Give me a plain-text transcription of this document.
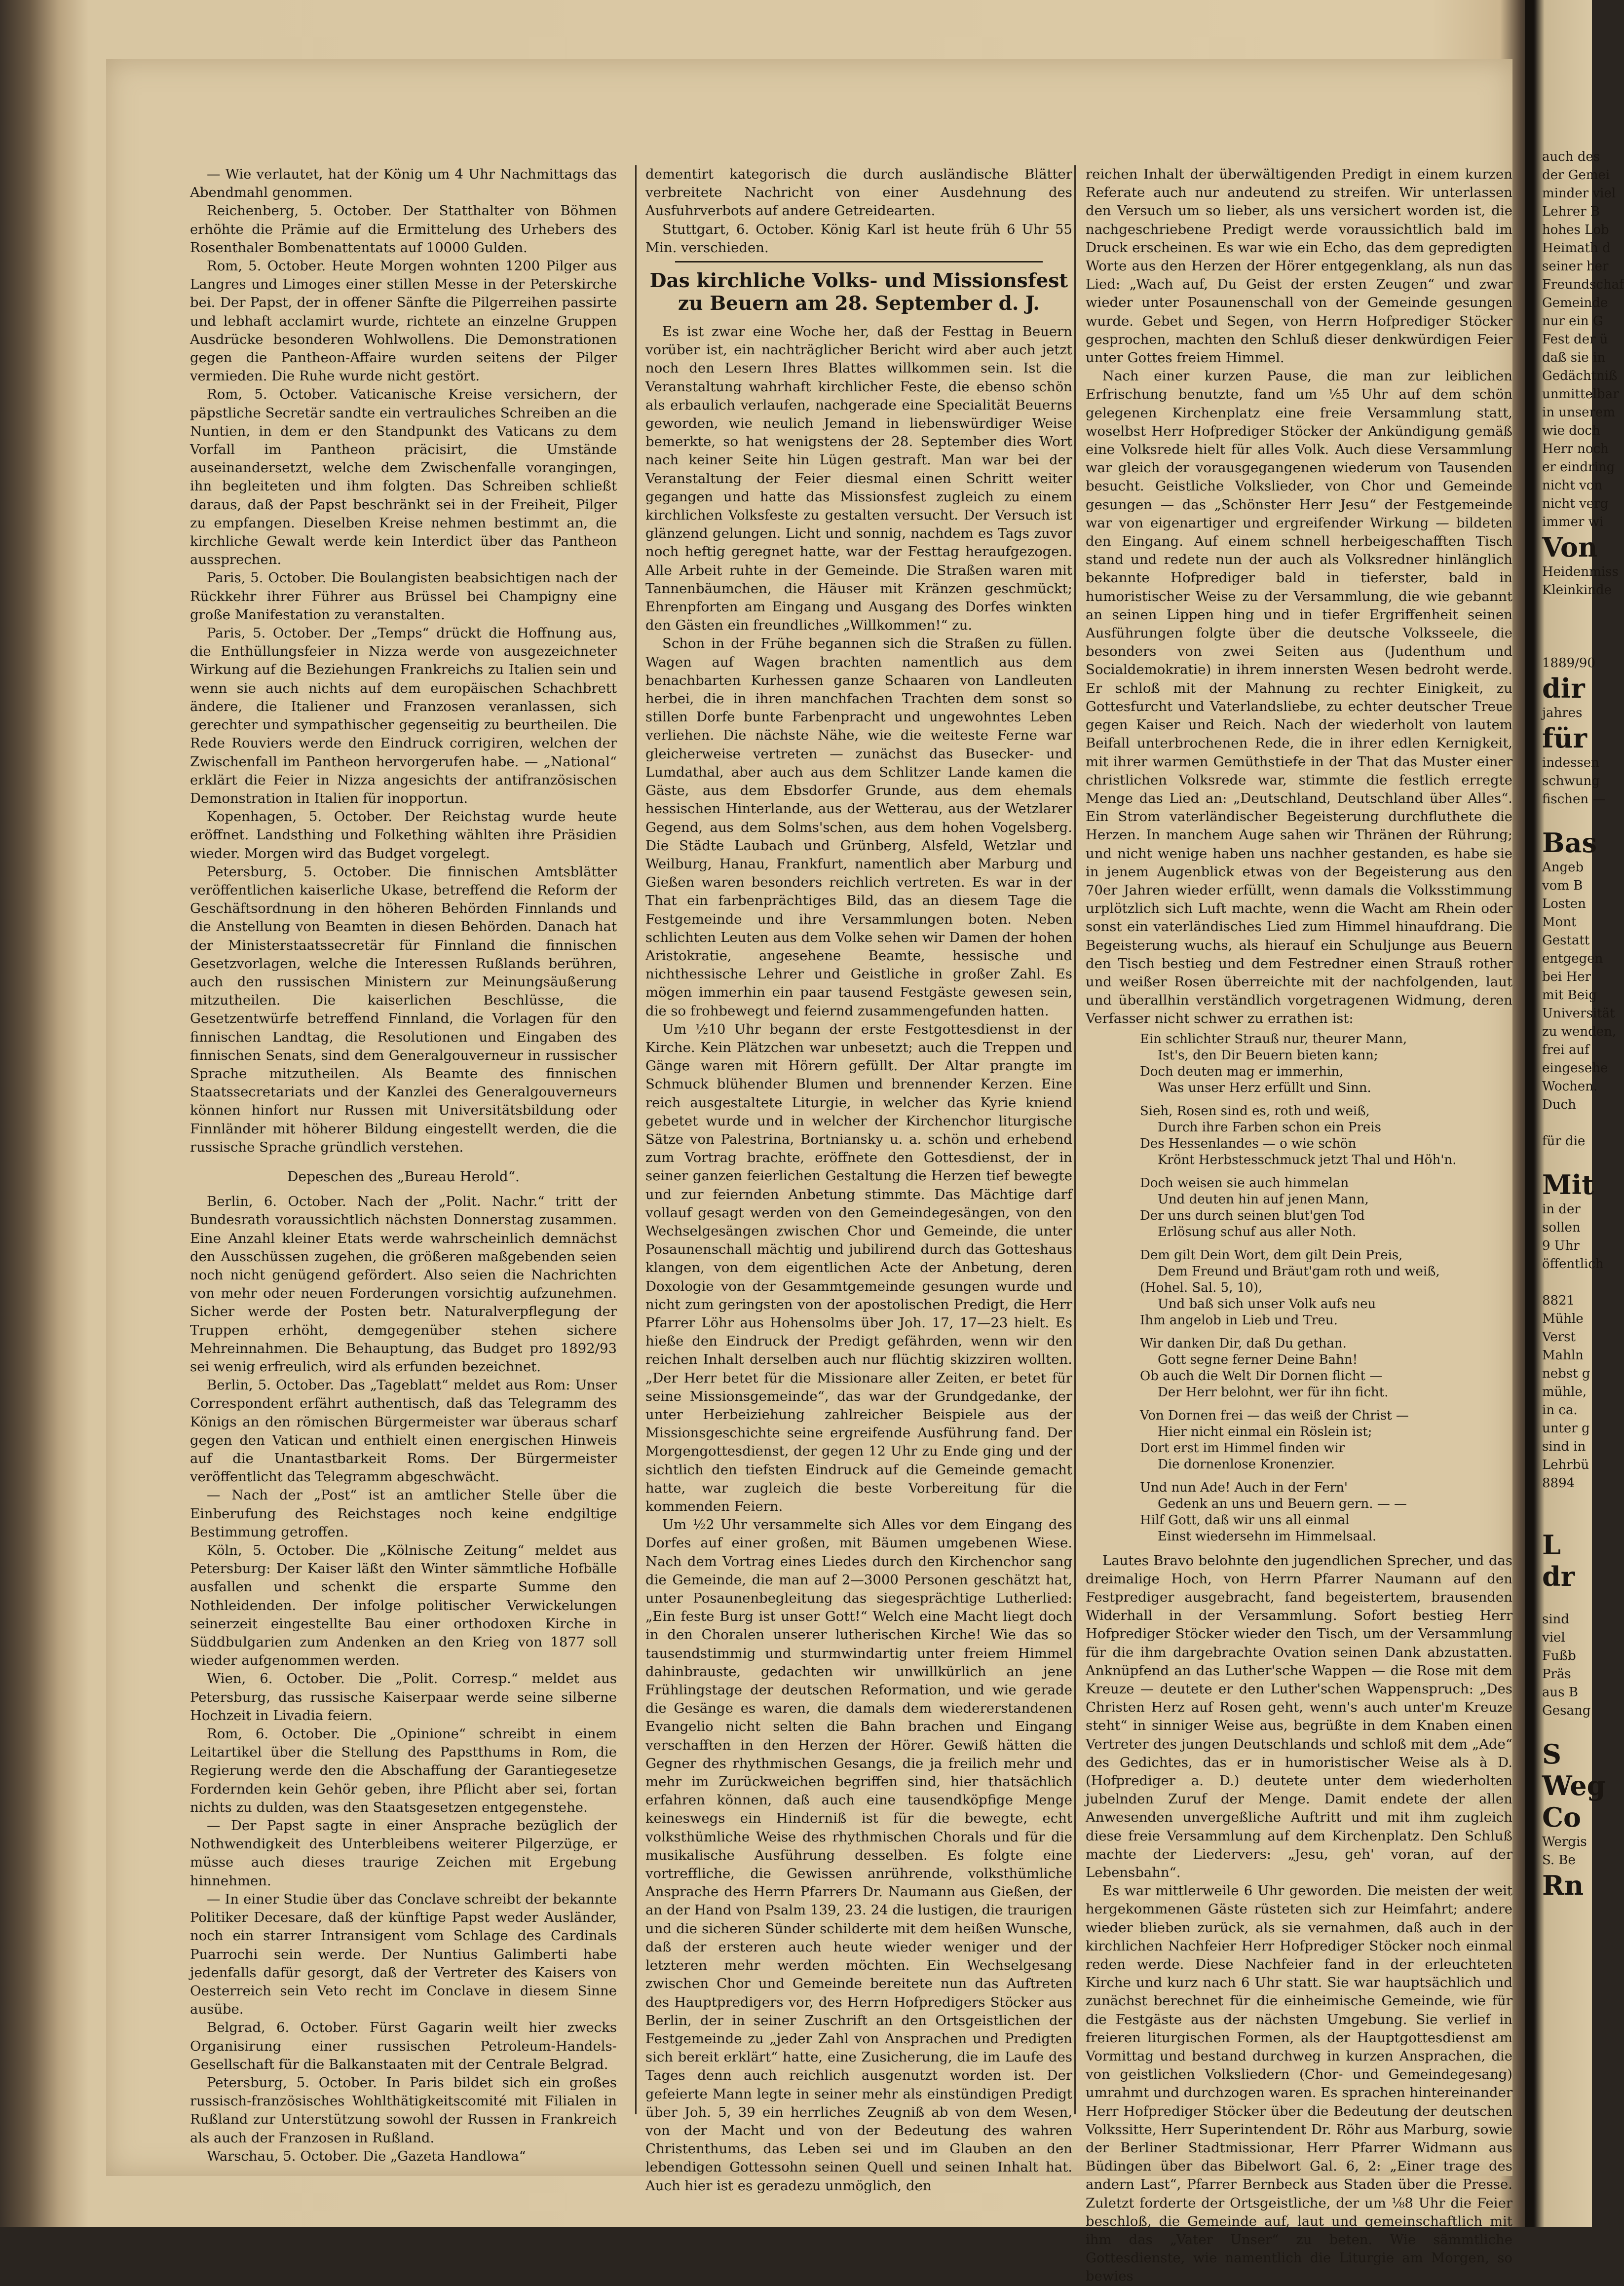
— Wie verlautet, hat der König um 4 Uhr Nachmittags das Abendmahl genommen.

Reichenberg, 5. October. Der Statthalter von Böhmen erhöhte die Prämie auf die Ermittelung des Urhebers des Rosenthaler Bombenattentats auf 10000 Gulden.

Rom, 5. October. Heute Morgen wohnten 1200 Pilger aus Langres und Limoges einer stillen Messe in der Peterskirche bei. Der Papst, der in offener Sänfte die Pilgerreihen passirte und lebhaft acclamirt wurde, richtete an einzelne Gruppen Ausdrücke besonderen Wohlwollens. Die Demonstrationen gegen die Pantheon-Affaire wurden seitens der Pilger vermieden. Die Ruhe wurde nicht gestört.

Rom, 5. October. Vaticanische Kreise versichern, der päpstliche Secretär sandte ein vertrauliches Schreiben an die Nuntien, in dem er den Standpunkt des Vaticans zu dem Vorfall im Pantheon präcisirt, die Umstände auseinandersetzt, welche dem Zwischenfalle vorangingen, ihn begleiteten und ihm folgten. Das Schreiben schließt daraus, daß der Papst beschränkt sei in der Freiheit, Pilger zu empfangen. Dieselben Kreise nehmen bestimmt an, die kirchliche Gewalt werde kein Interdict über das Pantheon aussprechen.

Paris, 5. October. Die Boulangisten beabsichtigen nach der Rückkehr ihrer Führer aus Brüssel bei Champigny eine große Manifestation zu veranstalten.

Paris, 5. October. Der „Temps“ drückt die Hoffnung aus, die Enthüllungsfeier in Nizza werde von ausgezeichneter Wirkung auf die Beziehungen Frankreichs zu Italien sein und wenn sie auch nichts auf dem europäischen Schachbrett ändere, die Italiener und Franzosen veranlassen, sich gerechter und sympathischer gegenseitig zu beurtheilen. Die Rede Rouviers werde den Eindruck corrigiren, welchen der Zwischenfall im Pantheon hervorgerufen habe. — „National“ erklärt die Feier in Nizza angesichts der antifranzösischen Demonstration in Italien für inopportun.

Kopenhagen, 5. October. Der Reichstag wurde heute eröffnet. Landsthing und Folkething wählten ihre Präsidien wieder. Morgen wird das Budget vorgelegt.

Petersburg, 5. October. Die finnischen Amtsblätter veröffentlichen kaiserliche Ukase, betreffend die Reform der Geschäftsordnung in den höheren Behörden Finnlands und die Anstellung von Beamten in diesen Behörden. Danach hat der Ministerstaatssecretär für Finnland die finnischen Gesetzvorlagen, welche die Interessen Rußlands berühren, auch den russischen Ministern zur Meinungsäußerung mitzutheilen. Die kaiserlichen Beschlüsse, die Gesetzentwürfe betreffend Finnland, die Vorlagen für den finnischen Landtag, die Resolutionen und Eingaben des finnischen Senats, sind dem Generalgouverneur in russischer Sprache mitzutheilen. Als Beamte des finnischen Staatssecretariats und der Kanzlei des Generalgouverneurs können hinfort nur Russen mit Universitätsbildung oder Finnländer mit höherer Bildung eingestellt werden, die die russische Sprache gründlich verstehen.

Depeschen des „Bureau Herold“.

Berlin, 6. October. Nach der „Polit. Nachr.“ tritt der Bundesrath voraussichtlich nächsten Donnerstag zusammen. Eine Anzahl kleiner Etats werde wahrscheinlich demnächst den Ausschüssen zugehen, die größeren maßgebenden seien noch nicht genügend gefördert. Also seien die Nachrichten von mehr oder neuen Forderungen vorsichtig aufzunehmen. Sicher werde der Posten betr. Naturalverpflegung der Truppen erhöht, demgegenüber stehen sichere Mehreinnahmen. Die Behauptung, das Budget pro 1892/93 sei wenig erfreulich, wird als erfunden bezeichnet.

Berlin, 5. October. Das „Tageblatt“ meldet aus Rom: Unser Correspondent erfährt authentisch, daß das Telegramm des Königs an den römischen Bürgermeister war überaus scharf gegen den Vatican und enthielt einen energischen Hinweis auf die Unantastbarkeit Roms. Der Bürgermeister veröffentlicht das Telegramm abgeschwächt.

— Nach der „Post“ ist an amtlicher Stelle über die Einberufung des Reichstages noch keine endgiltige Bestimmung getroffen.

Köln, 5. October. Die „Kölnische Zeitung“ meldet aus Petersburg: Der Kaiser läßt den Winter sämmtliche Hofbälle ausfallen und schenkt die ersparte Summe den Nothleidenden. Der infolge politischer Verwickelungen seinerzeit eingestellte Bau einer orthodoxen Kirche in Süddbulgarien zum Andenken an den Krieg von 1877 soll wieder aufgenommen werden.

Wien, 6. October. Die „Polit. Corresp.“ meldet aus Petersburg, das russische Kaiserpaar werde seine silberne Hochzeit in Livadia feiern.

Rom, 6. October. Die „Opinione“ schreibt in einem Leitartikel über die Stellung des Papstthums in Rom, die Regierung werde den die Abschaffung der Garantiegesetze Fordernden kein Gehör geben, ihre Pflicht aber sei, fortan nichts zu dulden, was den Staatsgesetzen entgegenstehe.

— Der Papst sagte in einer Ansprache bezüglich der Nothwendigkeit des Unterbleibens weiterer Pilgerzüge, er müsse auch dieses traurige Zeichen mit Ergebung hinnehmen.

— In einer Studie über das Conclave schreibt der bekannte Politiker Decesare, daß der künftige Papst weder Ausländer, noch ein starrer Intransigent vom Schlage des Cardinals Puarrochi sein werde. Der Nuntius Galimberti habe jedenfalls dafür gesorgt, daß der Vertreter des Kaisers von Oesterreich sein Veto recht im Conclave in diesem Sinne ausübe.

Belgrad, 6. October. Fürst Gagarin weilt hier zwecks Organisirung einer russischen Petroleum-Handels-Gesellschaft für die Balkanstaaten mit der Centrale Belgrad.

Petersburg, 5. October. In Paris bildet sich ein großes russisch-französisches Wohlthätigkeitscomité mit Filialen in Rußland zur Unterstützung sowohl der Russen in Frankreich als auch der Franzosen in Rußland.

Warschau, 5. October. Die „Gazeta Handlowa“

dementirt kategorisch die durch ausländische Blätter verbreitete Nachricht von einer Ausdehnung des Ausfuhrverbots auf andere Getreidearten.

Stuttgart, 6. October. König Karl ist heute früh 6 Uhr 55 Min. verschieden.

Das kirchliche Volks- und Missionsfest zu Beuern am 28. September d. J.

Es ist zwar eine Woche her, daß der Festtag in Beuern vorüber ist, ein nachträglicher Bericht wird aber auch jetzt noch den Lesern Ihres Blattes willkommen sein. Ist die Veranstaltung wahrhaft kirchlicher Feste, die ebenso schön als erbaulich verlaufen, nachgerade eine Specialität Beuerns geworden, wie neulich Jemand in liebenswürdiger Weise bemerkte, so hat wenigstens der 28. September dies Wort nach keiner Seite hin Lügen gestraft. Man war bei der Veranstaltung der Feier diesmal einen Schritt weiter gegangen und hatte das Missionsfest zugleich zu einem kirchlichen Volksfeste zu gestalten versucht. Der Versuch ist glänzend gelungen. Licht und sonnig, nachdem es Tags zuvor noch heftig geregnet hatte, war der Festtag heraufgezogen. Alle Arbeit ruhte in der Gemeinde. Die Straßen waren mit Tannenbäumchen, die Häuser mit Kränzen geschmückt; Ehrenpforten am Eingang und Ausgang des Dorfes winkten den Gästen ein freundliches „Willkommen!“ zu.

Schon in der Frühe begannen sich die Straßen zu füllen. Wagen auf Wagen brachten namentlich aus dem benachbarten Kurhessen ganze Schaaren von Landleuten herbei, die in ihren manchfachen Trachten dem sonst so stillen Dorfe bunte Farbenpracht und ungewohntes Leben verliehen. Die nächste Nähe, wie die weiteste Ferne war gleicherweise vertreten — zunächst das Busecker- und Lumdathal, aber auch aus dem Schlitzer Lande kamen die Gäste, aus dem Ebsdorfer Grunde, aus dem ehemals hessischen Hinterlande, aus der Wetterau, aus der Wetzlarer Gegend, aus dem Solms'schen, aus dem hohen Vogelsberg. Die Städte Laubach und Grünberg, Alsfeld, Wetzlar und Weilburg, Hanau, Frankfurt, namentlich aber Marburg und Gießen waren besonders reichlich vertreten. Es war in der That ein farbenprächtiges Bild, das an diesem Tage die Festgemeinde und ihre Versammlungen boten. Neben schlichten Leuten aus dem Volke sehen wir Damen der hohen Aristokratie, angesehene Beamte, hessische und nichthessische Lehrer und Geistliche in großer Zahl. Es mögen immerhin ein paar tausend Festgäste gewesen sein, die so frohbewegt und feiernd zusammengefunden hatten.

Um ½10 Uhr begann der erste Festgottesdienst in der Kirche. Kein Plätzchen war unbesetzt; auch die Treppen und Gänge waren mit Hörern gefüllt. Der Altar prangte im Schmuck blühender Blumen und brennender Kerzen. Eine reich ausgestaltete Liturgie, in welcher das Kyrie kniend gebetet wurde und in welcher der Kirchenchor liturgische Sätze von Palestrina, Bortniansky u. a. schön und erhebend zum Vortrag brachte, eröffnete den Gottesdienst, der in seiner ganzen feierlichen Gestaltung die Herzen tief bewegte und zur feiernden Anbetung stimmte. Das Mächtige darf vollauf gesagt werden von den Gemeindegesängen, von den Wechselgesängen zwischen Chor und Gemeinde, die unter Posaunenschall mächtig und jubilirend durch das Gotteshaus klangen, von dem eigentlichen Acte der Anbetung, deren Doxologie von der Gesammtgemeinde gesungen wurde und nicht zum geringsten von der apostolischen Predigt, die Herr Pfarrer Löhr aus Hohensolms über Joh. 17, 17—23 hielt. Es hieße den Eindruck der Predigt gefährden, wenn wir den reichen Inhalt derselben auch nur flüchtig skizziren wollten. „Der Herr betet für die Missionare aller Zeiten, er betet für seine Missionsgemeinde“, das war der Grundgedanke, der unter Herbeiziehung zahlreicher Beispiele aus der Missionsgeschichte seine ergreifende Ausführung fand. Der Morgengottesdienst, der gegen 12 Uhr zu Ende ging und der sichtlich den tiefsten Eindruck auf die Gemeinde gemacht hatte, war zugleich die beste Vorbereitung für die kommenden Feiern.

Um ½2 Uhr versammelte sich Alles vor dem Eingang des Dorfes auf einer großen, mit Bäumen umgebenen Wiese. Nach dem Vortrag eines Liedes durch den Kirchenchor sang die Gemeinde, die man auf 2—3000 Personen geschätzt hat, unter Posaunenbegleitung das siegesprächtige Lutherlied: „Ein feste Burg ist unser Gott!“ Welch eine Macht liegt doch in den Choralen unserer lutherischen Kirche! Wie das so tausendstimmig und sturmwindartig unter freiem Himmel dahinbrauste, gedachten wir unwillkürlich an jene Frühlingstage der deutschen Reformation, und wie gerade die Gesänge es waren, die damals dem wiedererstandenen Evangelio nicht selten die Bahn brachen und Eingang verschafften in den Herzen der Hörer. Gewiß hätten die Gegner des rhythmischen Gesangs, die ja freilich mehr und mehr im Zurückweichen begriffen sind, hier thatsächlich erfahren können, daß auch eine tausendköpfige Menge keineswegs ein Hinderniß ist für die bewegte, echt volksthümliche Weise des rhythmischen Chorals und für die musikalische Ausführung desselben. Es folgte eine vortreffliche, die Gewissen anrührende, volksthümliche Ansprache des Herrn Pfarrers Dr. Naumann aus Gießen, der an der Hand von Psalm 139, 23. 24 die lustigen, die traurigen und die sicheren Sünder schilderte mit dem heißen Wunsche, daß der ersteren auch heute wieder weniger und der letzteren mehr werden möchten. Ein Wechselgesang zwischen Chor und Gemeinde bereitete nun das Auftreten des Hauptpredigers vor, des Herrn Hofpredigers Stöcker aus Berlin, der in seiner Zuschrift an den Ortsgeistlichen der Festgemeinde zu „jeder Zahl von Ansprachen und Predigten sich bereit erklärt“ hatte, eine Zusicherung, die im Laufe des Tages denn auch reichlich ausgenutzt worden ist. Der gefeierte Mann legte in seiner mehr als einstündigen Predigt über Joh. 5, 39 ein herrliches Zeugniß ab von dem Wesen, von der Macht und von der Bedeutung des wahren Christenthums, das Leben sei und im Glauben an den lebendigen Gottessohn seinen Quell und seinen Inhalt hat. Auch hier ist es geradezu unmöglich, den

reichen Inhalt der überwältigenden Predigt in einem kurzen Referate auch nur andeutend zu streifen. Wir unterlassen den Versuch um so lieber, als uns versichert worden ist, die nachgeschriebene Predigt werde voraussichtlich bald im Druck erscheinen. Es war wie ein Echo, das dem gepredigten Worte aus den Herzen der Hörer entgegenklang, als nun das Lied: „Wach auf, Du Geist der ersten Zeugen“ und zwar wieder unter Posaunenschall von der Gemeinde gesungen wurde. Gebet und Segen, von Herrn Hofprediger Stöcker gesprochen, machten den Schluß dieser denkwürdigen Feier unter Gottes freiem Himmel.

Nach einer kurzen Pause, die man zur leiblichen Erfrischung benutzte, fand um ⅕5 Uhr auf dem schön gelegenen Kirchenplatz eine freie Versammlung statt, woselbst Herr Hofprediger Stöcker der Ankündigung gemäß eine Volksrede hielt für alles Volk. Auch diese Versammlung war gleich der vorausgegangenen wiederum von Tausenden besucht. Geistliche Volkslieder, von Chor und Gemeinde gesungen — das „Schönster Herr Jesu“ der Festgemeinde war von eigenartiger und ergreifender Wirkung — bildeten den Eingang. Auf einem schnell herbeigeschafften Tisch stand und redete nun der auch als Volksredner hinlänglich bekannte Hofprediger bald in tieferster, bald in humoristischer Weise zu der Versammlung, die wie gebannt an seinen Lippen hing und in tiefer Ergriffenheit seinen Ausführungen folgte über die deutsche Volksseele, die besonders von zwei Seiten aus (Judenthum und Socialdemokratie) in ihrem innersten Wesen bedroht werde. Er schloß mit der Mahnung zu rechter Einigkeit, zu Gottesfurcht und Vaterlandsliebe, zu echter deutscher Treue gegen Kaiser und Reich. Nach der wiederholt von lautem Beifall unterbrochenen Rede, die in ihrer edlen Kernigkeit, mit ihrer warmen Gemüthstiefe in der That das Muster einer christlichen Volksrede war, stimmte die festlich erregte Menge das Lied an: „Deutschland, Deutschland über Alles“. Ein Strom vaterländischer Begeisterung durchfluthete die Herzen. In manchem Auge sahen wir Thränen der Rührung; und nicht wenige haben uns nachher gestanden, es habe sie in jenem Augenblick etwas von der Begeisterung aus den 70er Jahren wieder erfüllt, wenn damals die Volksstimmung urplötzlich sich Luft machte, wenn die Wacht am Rhein oder sonst ein vaterländisches Lied zum Himmel hinaufdrang. Die Begeisterung wuchs, als hierauf ein Schuljunge aus Beuern den Tisch bestieg und dem Festredner einen Strauß rother und weißer Rosen überreichte mit der nachfolgenden, laut und überallhin verständlich vorgetragenen Widmung, deren Verfasser nicht schwer zu errathen ist:

Ein schlichter Strauß nur, theurer Mann,
Ist's, den Dir Beuern bieten kann;
Doch deuten mag er immerhin,
Was unser Herz erfüllt und Sinn.
Sieh, Rosen sind es, roth und weiß,
Durch ihre Farben schon ein Preis
Des Hessenlandes — o wie schön
Krönt Herbstesschmuck jetzt Thal und Höh'n.
Doch weisen sie auch himmelan
Und deuten hin auf jenen Mann,
Der uns durch seinen blut'gen Tod
Erlösung schuf aus aller Noth.
Dem gilt Dein Wort, dem gilt Dein Preis,
Dem Freund und Bräut'gam roth und weiß,
(Hohel. Sal. 5, 10),
Und baß sich unser Volk aufs neu
Ihm angelob in Lieb und Treu.
Wir danken Dir, daß Du gethan.
Gott segne ferner Deine Bahn!
Ob auch die Welt Dir Dornen flicht —
Der Herr belohnt, wer für ihn ficht.
Von Dornen frei — das weiß der Christ —
Hier nicht einmal ein Röslein ist;
Dort erst im Himmel finden wir
Die dornenlose Kronenzier.
Und nun Ade! Auch in der Fern'
Gedenk an uns und Beuern gern. — —
Hilf Gott, daß wir uns all einmal
Einst wiedersehn im Himmelsaal.

Lautes Bravo belohnte den jugendlichen Sprecher, und das dreimalige Hoch, von Herrn Pfarrer Naumann auf den Festprediger ausgebracht, fand begeistertem, brausenden Widerhall in der Versammlung. Sofort bestieg Herr Hofprediger Stöcker wieder den Tisch, um der Versammlung für die ihm dargebrachte Ovation seinen Dank abzustatten. Anknüpfend an das Luther'sche Wappen — die Rose mit dem Kreuze — deutete er den Luther'schen Wappenspruch: „Des Christen Herz auf Rosen geht, wenn's auch unter'm Kreuze steht“ in sinniger Weise aus, begrüßte in dem Knaben einen Vertreter des jungen Deutschlands und schloß mit dem „Ade“ des Gedichtes, das er in humoristischer Weise als à D. (Hofprediger a. D.) deutete unter dem wiederholten jubelnden Zuruf der Menge. Damit endete der allen Anwesenden unvergeßliche Auftritt und mit ihm zugleich diese freie Versammlung auf dem Kirchenplatz. Den Schluß machte der Liedervers: „Jesu, geh' voran, auf der Lebensbahn“.

Es war mittlerweile 6 Uhr geworden. Die meisten der weit hergekommenen Gäste rüsteten sich zur Heimfahrt; andere wieder blieben zurück, als sie vernahmen, daß auch in der kirchlichen Nachfeier Herr Hofprediger Stöcker noch einmal reden werde. Diese Nachfeier fand in der erleuchteten Kirche und kurz nach 6 Uhr statt. Sie war hauptsächlich und zunächst berechnet für die einheimische Gemeinde, wie für die Festgäste aus der nächsten Umgebung. Sie verlief in freieren liturgischen Formen, als der Hauptgottesdienst am Vormittag und bestand durchweg in kurzen Ansprachen, die von geistlichen Volksliedern (Chor- und Gemeindegesang) umrahmt und durchzogen waren. Es sprachen hintereinander Herr Hofprediger Stöcker über die Bedeutung der deutschen Volkssitte, Herr Superintendent Dr. Röhr aus Marburg, sowie der Berliner Stadtmissionar, Herr Pfarrer Widmann aus Büdingen über das Bibelwort Gal. 6, 2: „Einer trage des andern Last“, Pfarrer Bernbeck aus Staden über die Presse. Zuletzt forderte der Ortsgeistliche, der um ⅛8 Uhr die Feier beschloß, die Gemeinde auf, laut und gemeinschaftlich mit ihm das „Vater Unser“ zu beten. Wie sämmtliche Gottesdienste, wie namentlich die Liturgie am Morgen, so bewies

auch des
der Gemei
minder viel
Lehrer B
hohes Lob
Heimath d
seiner her
Freundschaf
Gemeinde
nur ein G
Fest der ü
daß sie in
Gedächtniß
unmittelbar
in unserem
wie doch
Herr noch
er eindring
nicht von
nicht verg
immer wi
Von
Heidenmiss
Kleinkinde

1889/90
dir
jahres
für
indessen
schwung
fischen —

Bas
Angeb
vom B
Losten
Mont
Gestatt
entgegen
bei Her
mit Beig
Universität
zu wenden,
frei auf
eingesehe
Wochen.
Duch

für die

Mit
in der
sollen
9 Uhr
öffentlich

8821
Mühle
Verst
Mahln
nebst g
mühle,
in ca.
unter g
sind in
Lehrbü
8894

L
dr

sind
viel
Fußb
Präs
aus B
Gesang

S
Weg
Co
Wergis
S. Be
Rn
